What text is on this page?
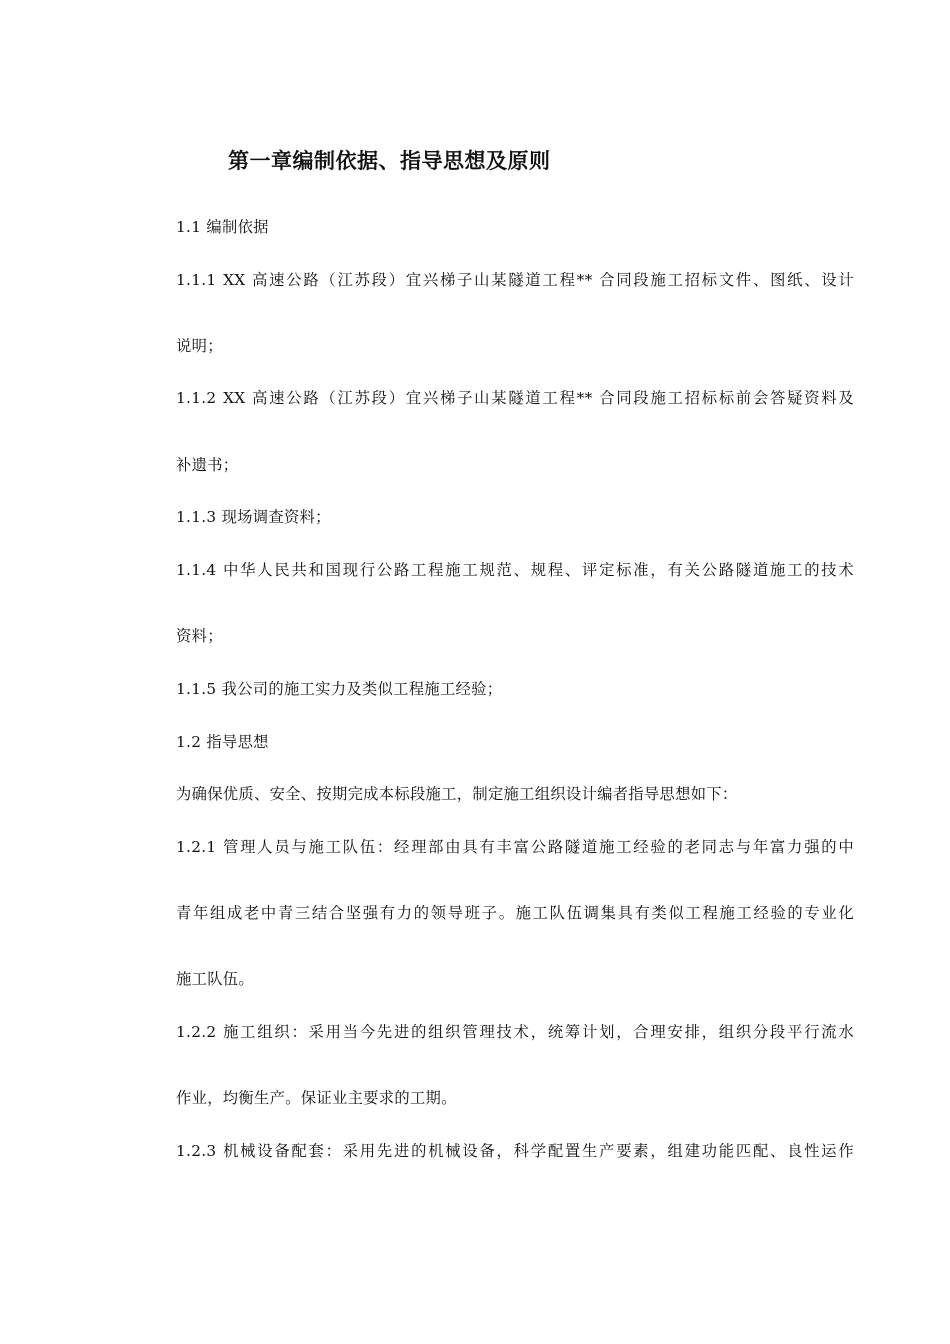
第一章编制依据、指导思想及原则
1.1 编制依据
1.1.1 XX 高速公路（江苏段）宜兴梯子山某隧道工程** 合同段施工招标文件、图纸、设计
说明；
1.1.2 XX 高速公路（江苏段）宜兴梯子山某隧道工程** 合同段施工招标标前会答疑资料及
补遗书；
1.1.3 现场调查资料；
1.1.4 中华人民共和国现行公路工程施工规范、规程、评定标准，有关公路隧道施工的技术
资料；
1.1.5 我公司的施工实力及类似工程施工经验；
1.2 指导思想
为确保优质、安全、按期完成本标段施工，制定施工组织设计编者指导思想如下：
1.2.1 管理人员与施工队伍：经理部由具有丰富公路隧道施工经验的老同志与年富力强的中
青年组成老中青三结合坚强有力的领导班子。施工队伍调集具有类似工程施工经验的专业化
施工队伍。
1.2.2 施工组织：采用当今先进的组织管理技术，统筹计划，合理安排，组织分段平行流水
作业，均衡生产。保证业主要求的工期。
1.2.3 机械设备配套：采用先进的机械设备，科学配置生产要素，组建功能匹配、良性运作
